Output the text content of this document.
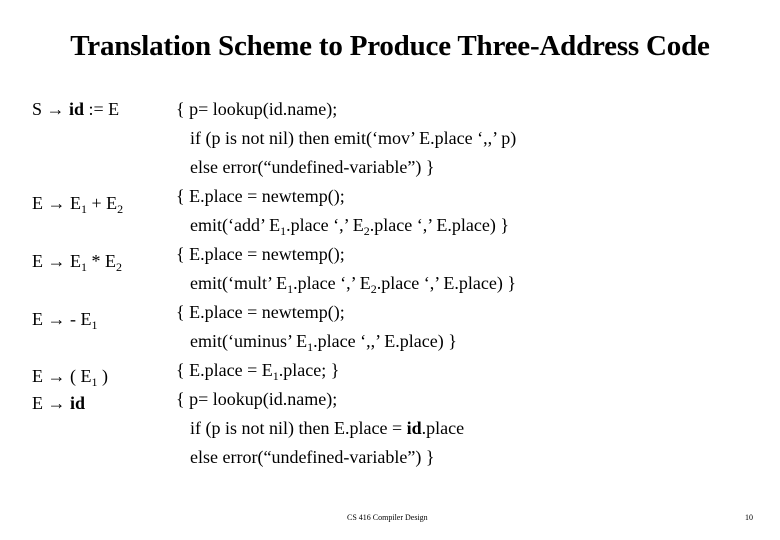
Translation Scheme to Produce Three-Address Code
S → id := E
$E \to E_1 + E_2$
$E \to E_1 * E_2$
E → - $E_1$
E → ( $E_1$ )
E → id
{ p= lookup(id.name);
if (p is not nil) then emit(‘mov’ E.place ‘,,’ p)
else error(“undefined-variable”) }
{ E.place = newtemp();
emit(‘add’ $E_1.place$ ‘,’ $E_2.place$ ‘,’ E.place) }
{ E.place = newtemp();
emit(‘mult’ $E_1.place$ ‘,’ $E_2.place$ ‘,’ E.place) }
{ E.place = newtemp();
emit(‘uminus’ $E_1.place$ ‘,,’ E.place) }
{ E.place = $E_1.place$; }
{ p= lookup(id.name);
if (p is not nil) then E.place = id.place
else error(“undefined-variable”) }
CS 416 Compiler Design	10
